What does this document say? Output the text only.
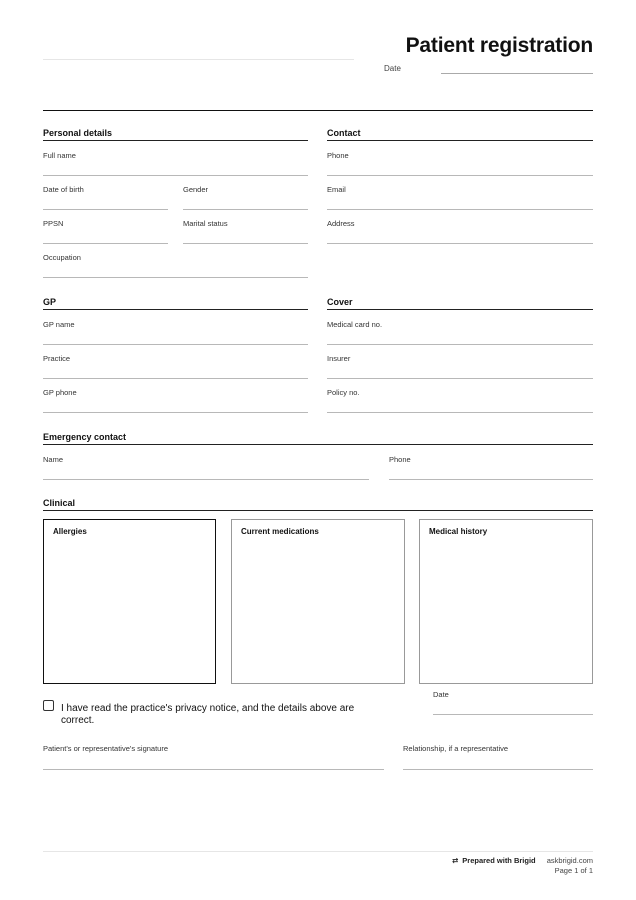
Patient registration
Date
Personal details
Full name
Date of birth	Gender
PPSN	Marital status
Occupation
Contact
Phone
Email
Address
GP
GP name
Practice
GP phone
Cover
Medical card no.
Insurer
Policy no.
Emergency contact
Name	Phone
Clinical
Allergies	Current medications	Medical history
I have read the practice's privacy notice, and the details above are correct.
Date
Patient's or representative's signature	Relationship, if a representative
⇄ Prepared with Brigid askbrigid.com
Page 1 of 1
